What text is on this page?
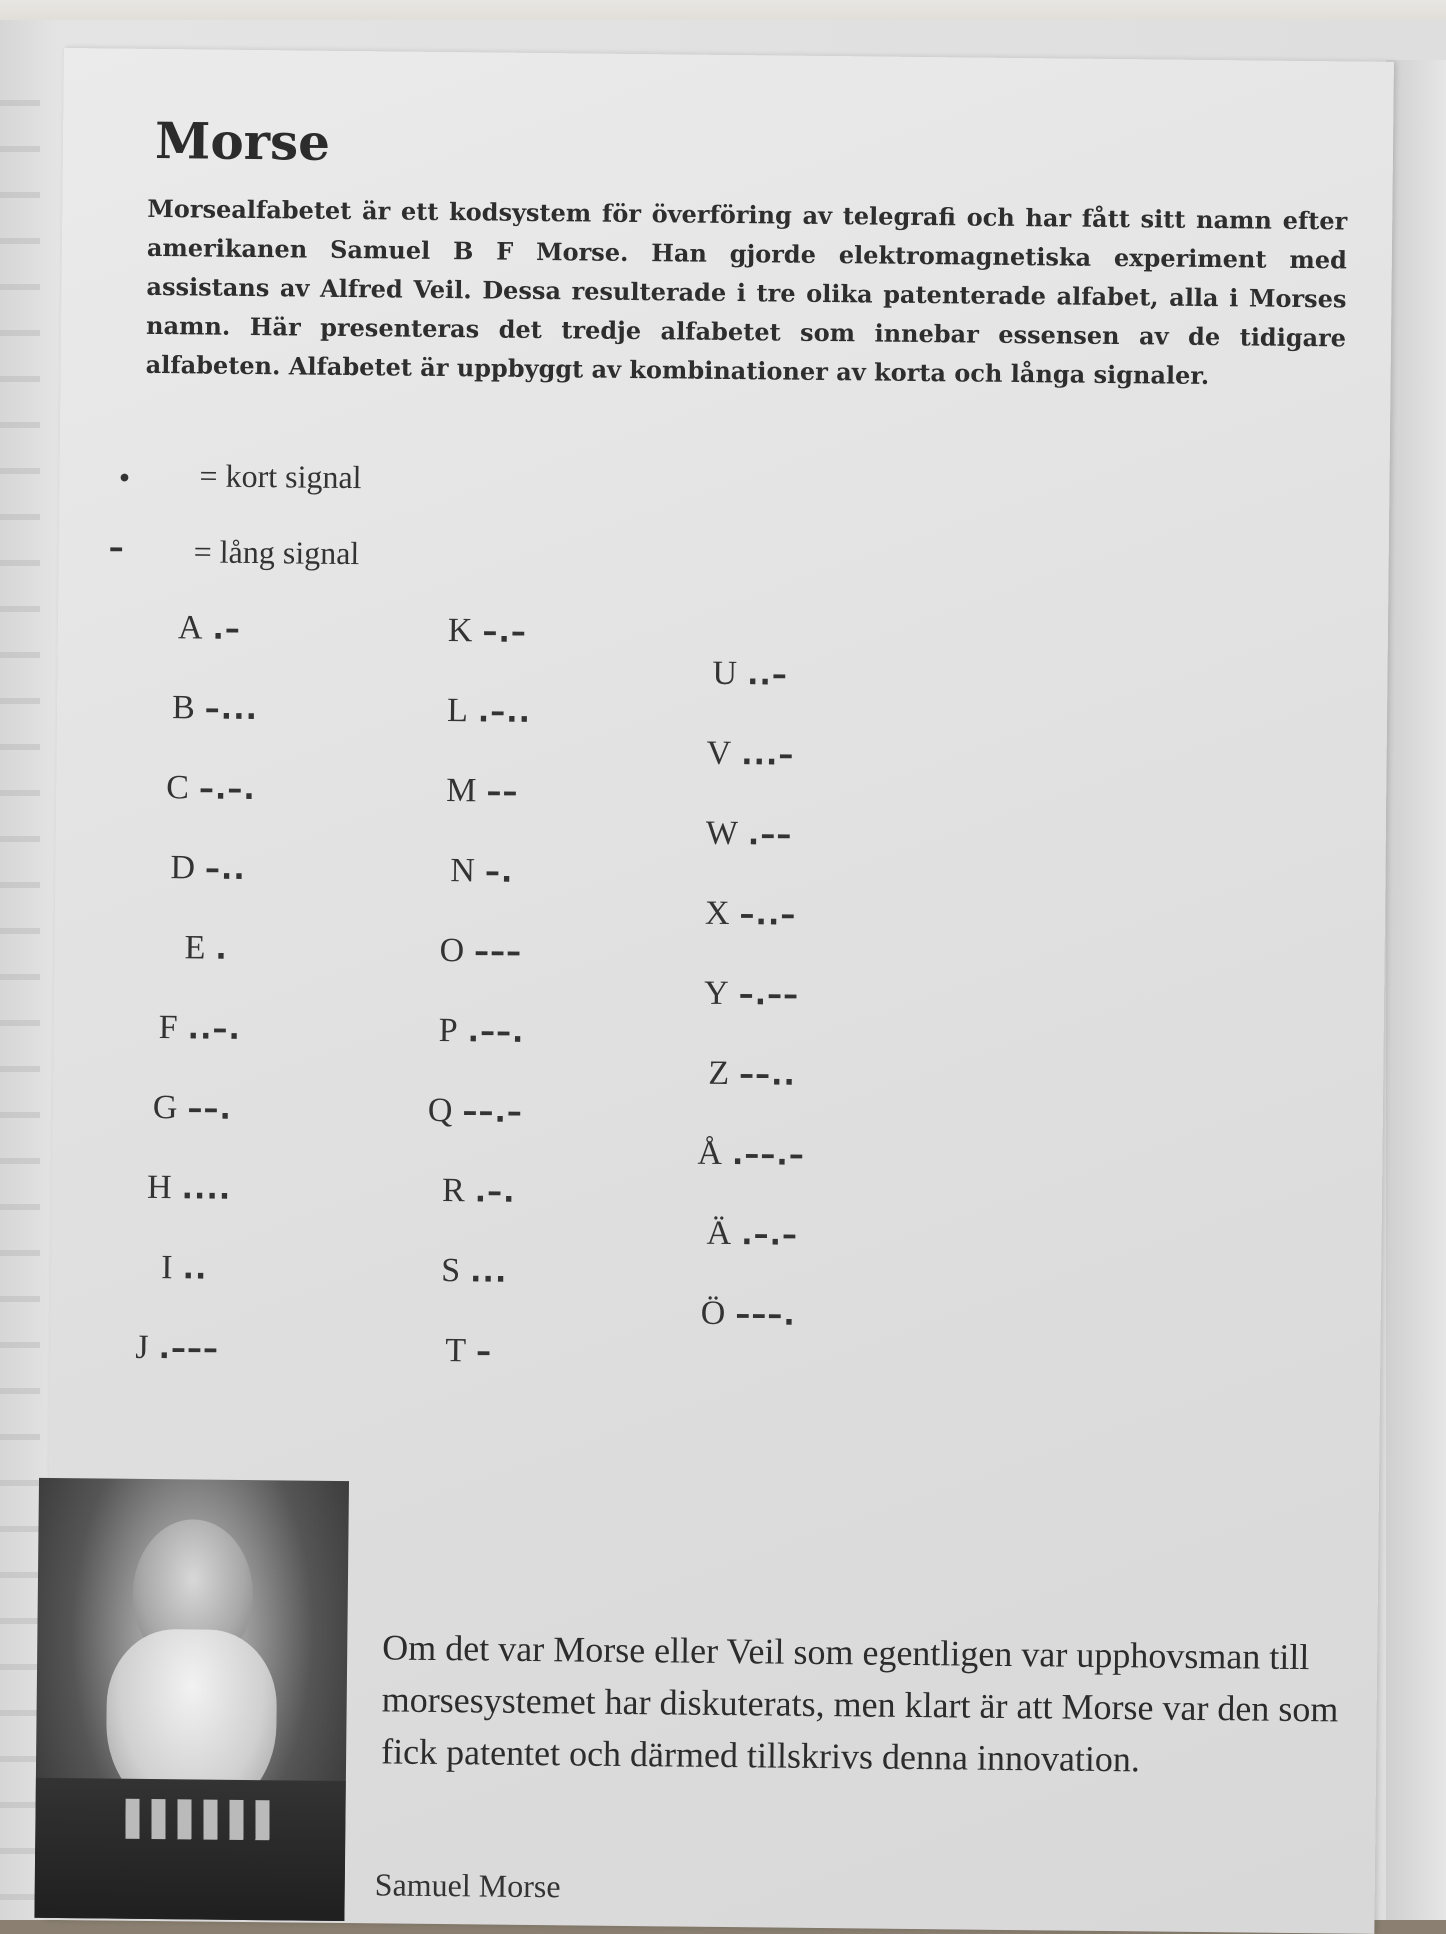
Morse
Morsealfabetet är ett kodsystem för överföring av telegrafi och har fått sitt namn efter amerikanen Samuel B F Morse. Han gjorde elektromagnetiska experiment med assistans av Alfred Veil. Dessa resulterade i tre olika patenterade alfabet, alla i Morses namn. Här presenteras det tredje alfabetet som innebar essensen av de tidigare alfabeten. Alfabetet är uppbyggt av kombinationer av korta och långa signaler.
• = kort signal
– = lång signal
A .–
B –...
C –.–.
D –..
E .
F ..–.
G ––.
H ....
I ..
J .–––
K –.–
L .–..
M ––
N –.
O –––
P .––.
Q ––.–
R .–.
S ...
T –
U ..–
V ...–
W .––
X –..–
Y –.––
Z ––..
Å .––.–
Ä .–.–
Ö –––.
Om det var Morse eller Veil som egentligen var upphovsman till morsesystemet har diskuterats, men klart är att Morse var den som fick patentet och därmed tillskrivs denna innovation.
Samuel Morse
